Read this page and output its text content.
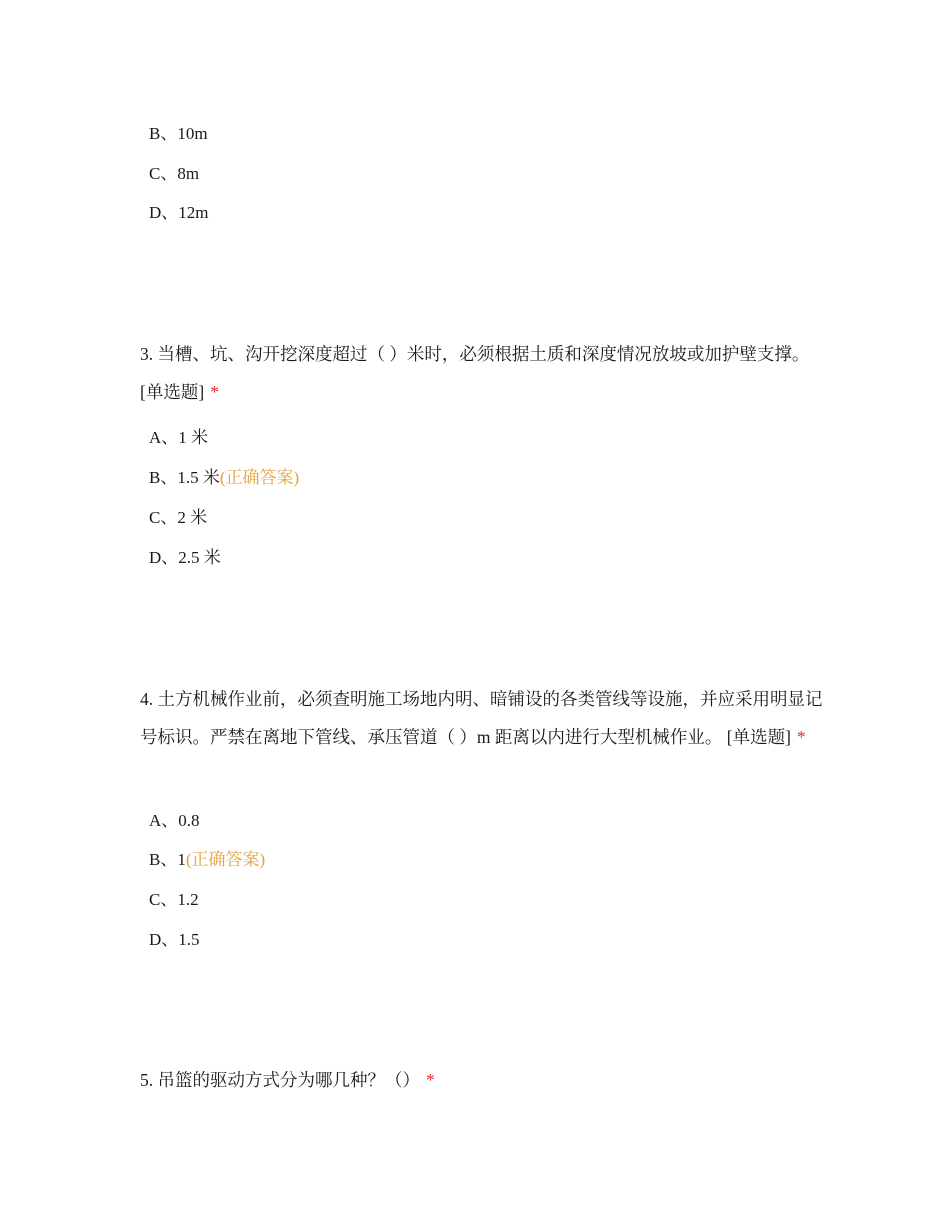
B、10m
C、8m
D、12m
3. 当槽、坑、沟开挖深度超过（ ）米时，必须根据土质和深度情况放坡或加护壁支撑。 [单选题] *
A、1 米
B、1.5 米(正确答案)
C、2 米
D、2.5 米
4. 土方机械作业前，必须查明施工场地内明、暗铺设的各类管线等设施，并应采用明显记号标识。严禁在离地下管线、承压管道（ ）m 距离以内进行大型机械作业。 [单选题] *
A、0.8
B、1(正确答案)
C、1.2
D、1.5
5. 吊篮的驱动方式分为哪几种？（） *
